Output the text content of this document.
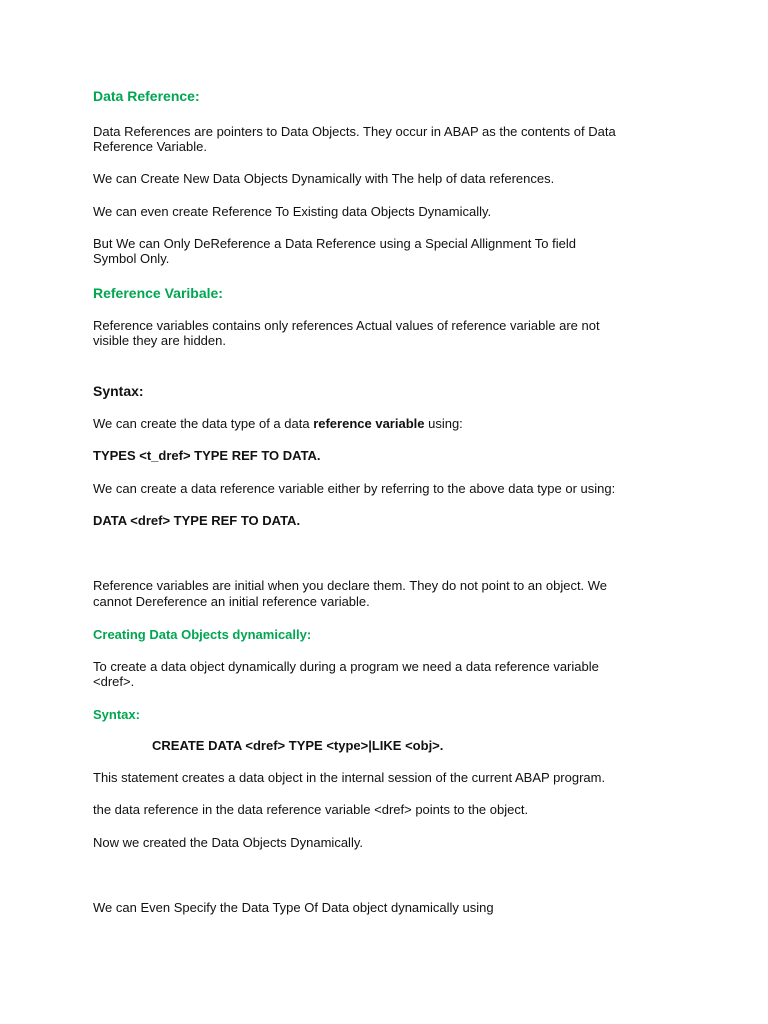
Data Reference:
Data References are pointers to Data Objects. They occur in ABAP as the contents of Data
Reference Variable.
We can Create New Data Objects Dynamically with The help of data references.
We can even create Reference To Existing data Objects Dynamically.
But We can Only DeReference a Data Reference using a Special Allignment To field
Symbol Only.
Reference Varibale:
Reference variables contains only references Actual values of reference variable are not
visible they are hidden.
Syntax:
We can create the data type of a data reference variable using:
TYPES <t_dref> TYPE REF TO DATA.
We can create a data reference variable either by referring to the above data type or using:
DATA <dref> TYPE REF TO DATA.
Reference variables are initial when you declare them. They do not point to an object. We
cannot Dereference an initial reference variable.
Creating Data Objects dynamically:
To create a data object dynamically during a program we need a data reference variable
<dref>.
Syntax:
CREATE DATA <dref> TYPE <type>|LIKE <obj>.
This statement creates a data object in the internal session of the current ABAP program.
the data reference in the data reference variable <dref> points to the object.
Now we created the Data Objects Dynamically.
We can Even Specify the Data Type Of Data object dynamically using
